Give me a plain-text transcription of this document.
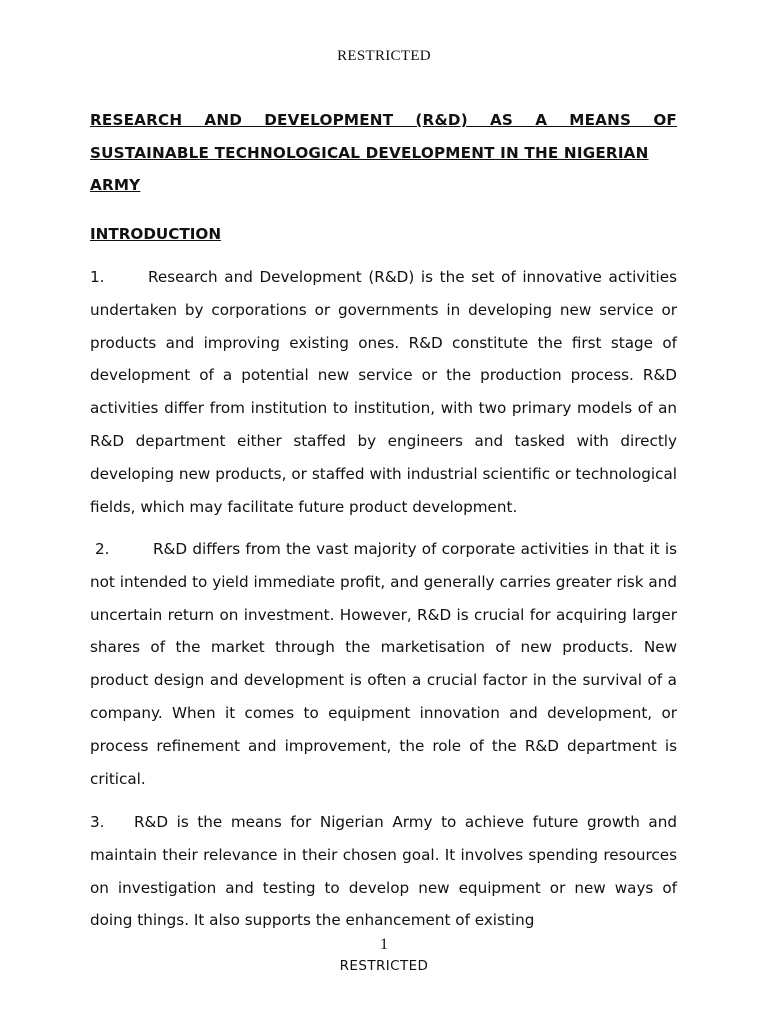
RESTRICTED
RESEARCH AND DEVELOPMENT (R&D) AS A MEANS OF
SUSTAINABLE TECHNOLOGICAL DEVELOPMENT IN THE NIGERIAN
ARMY
INTRODUCTION
1.	Research and Development (R&D) is the set of innovative activities undertaken by corporations or governments in developing new service or products and improving existing ones. R&D constitute the first stage of development of a potential new service or the production process. R&D activities differ from institution to institution, with two primary models of an R&D department either staffed by engineers and tasked with directly developing new products, or staffed with industrial scientific or technological fields, which may facilitate future product development.
2.	R&D differs from the vast majority of corporate activities in that it is not intended to yield immediate profit, and generally carries greater risk and uncertain return on investment. However, R&D is crucial for acquiring larger shares of the market through the marketisation of new products. New product design and development is often a crucial factor in the survival of a company. When it comes to equipment innovation and development, or process refinement and improvement, the role of the R&D department is critical.
3. R&D is the means for Nigerian Army to achieve future growth and maintain their relevance in their chosen goal. It involves spending resources on investigation and testing to develop new equipment or new ways of doing things. It also supports the enhancement of existing
1
RESTRICTED
